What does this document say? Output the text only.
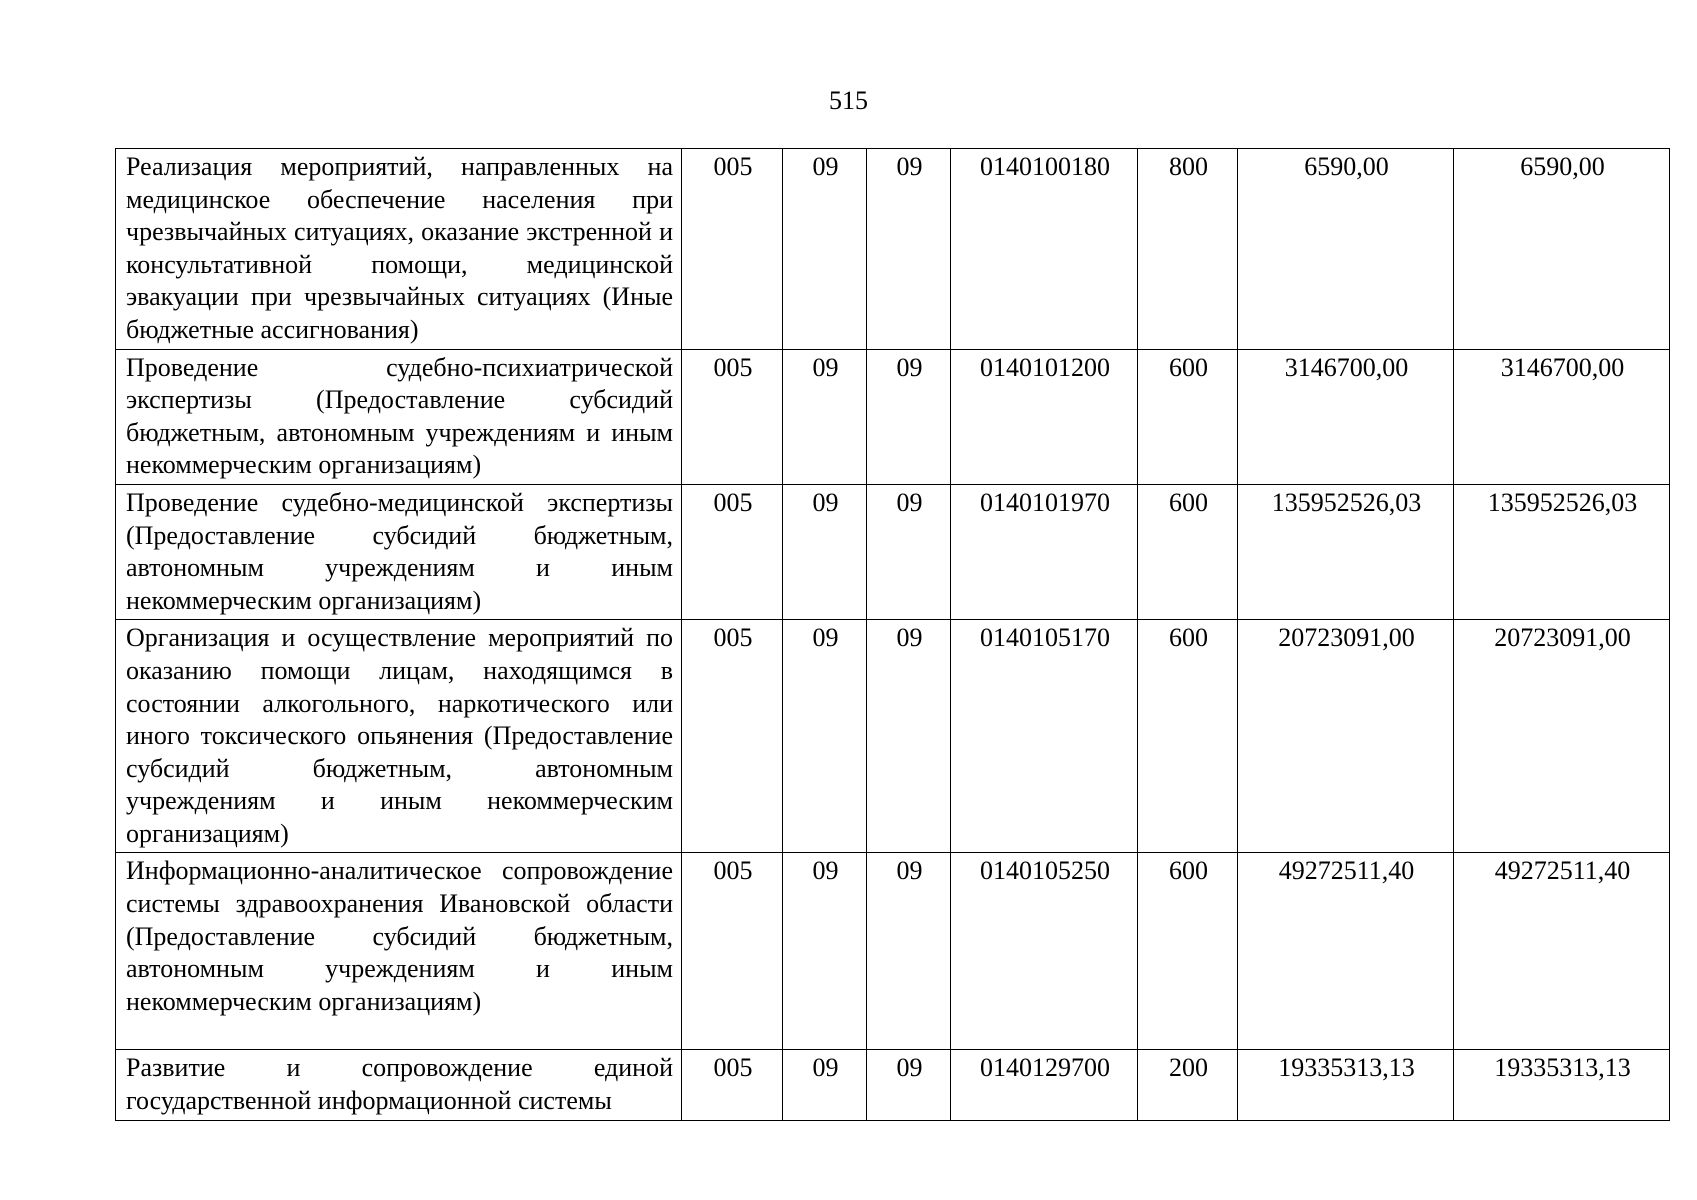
515
Реализация мероприятий, направленных на медицинское обеспечение населения при чрезвычайных ситуациях, оказание экстренной и консультативной помощи, медицинской эвакуации при чрезвычайных ситуациях (Иные бюджетные ассигнования)	005	09	09	0140100180	800	6590,00	6590,00
Проведение судебно-психиатрической экспертизы (Предоставление субсидий бюджетным, автономным учреждениям и иным некоммерческим организациям)	005	09	09	0140101200	600	3146700,00	3146700,00
Проведение судебно-медицинской экспертизы (Предоставление субсидий бюджетным, автономным учреждениям и иным некоммерческим организациям)	005	09	09	0140101970	600	135952526,03	135952526,03
Организация и осуществление мероприятий по оказанию помощи лицам, находящимся в состоянии алкогольного, наркотического или иного токсического опьянения (Предоставление субсидий бюджетным, автономным учреждениям и иным некоммерческим организациям)	005	09	09	0140105170	600	20723091,00	20723091,00
Информационно-аналитическое сопровождение системы здравоохранения Ивановской области (Предоставление субсидий бюджетным, автономным учреждениям и иным некоммерческим организациям)	005	09	09	0140105250	600	49272511,40	49272511,40
Развитие и сопровождение единой государственной информационной системы	005	09	09	0140129700	200	19335313,13	19335313,13
